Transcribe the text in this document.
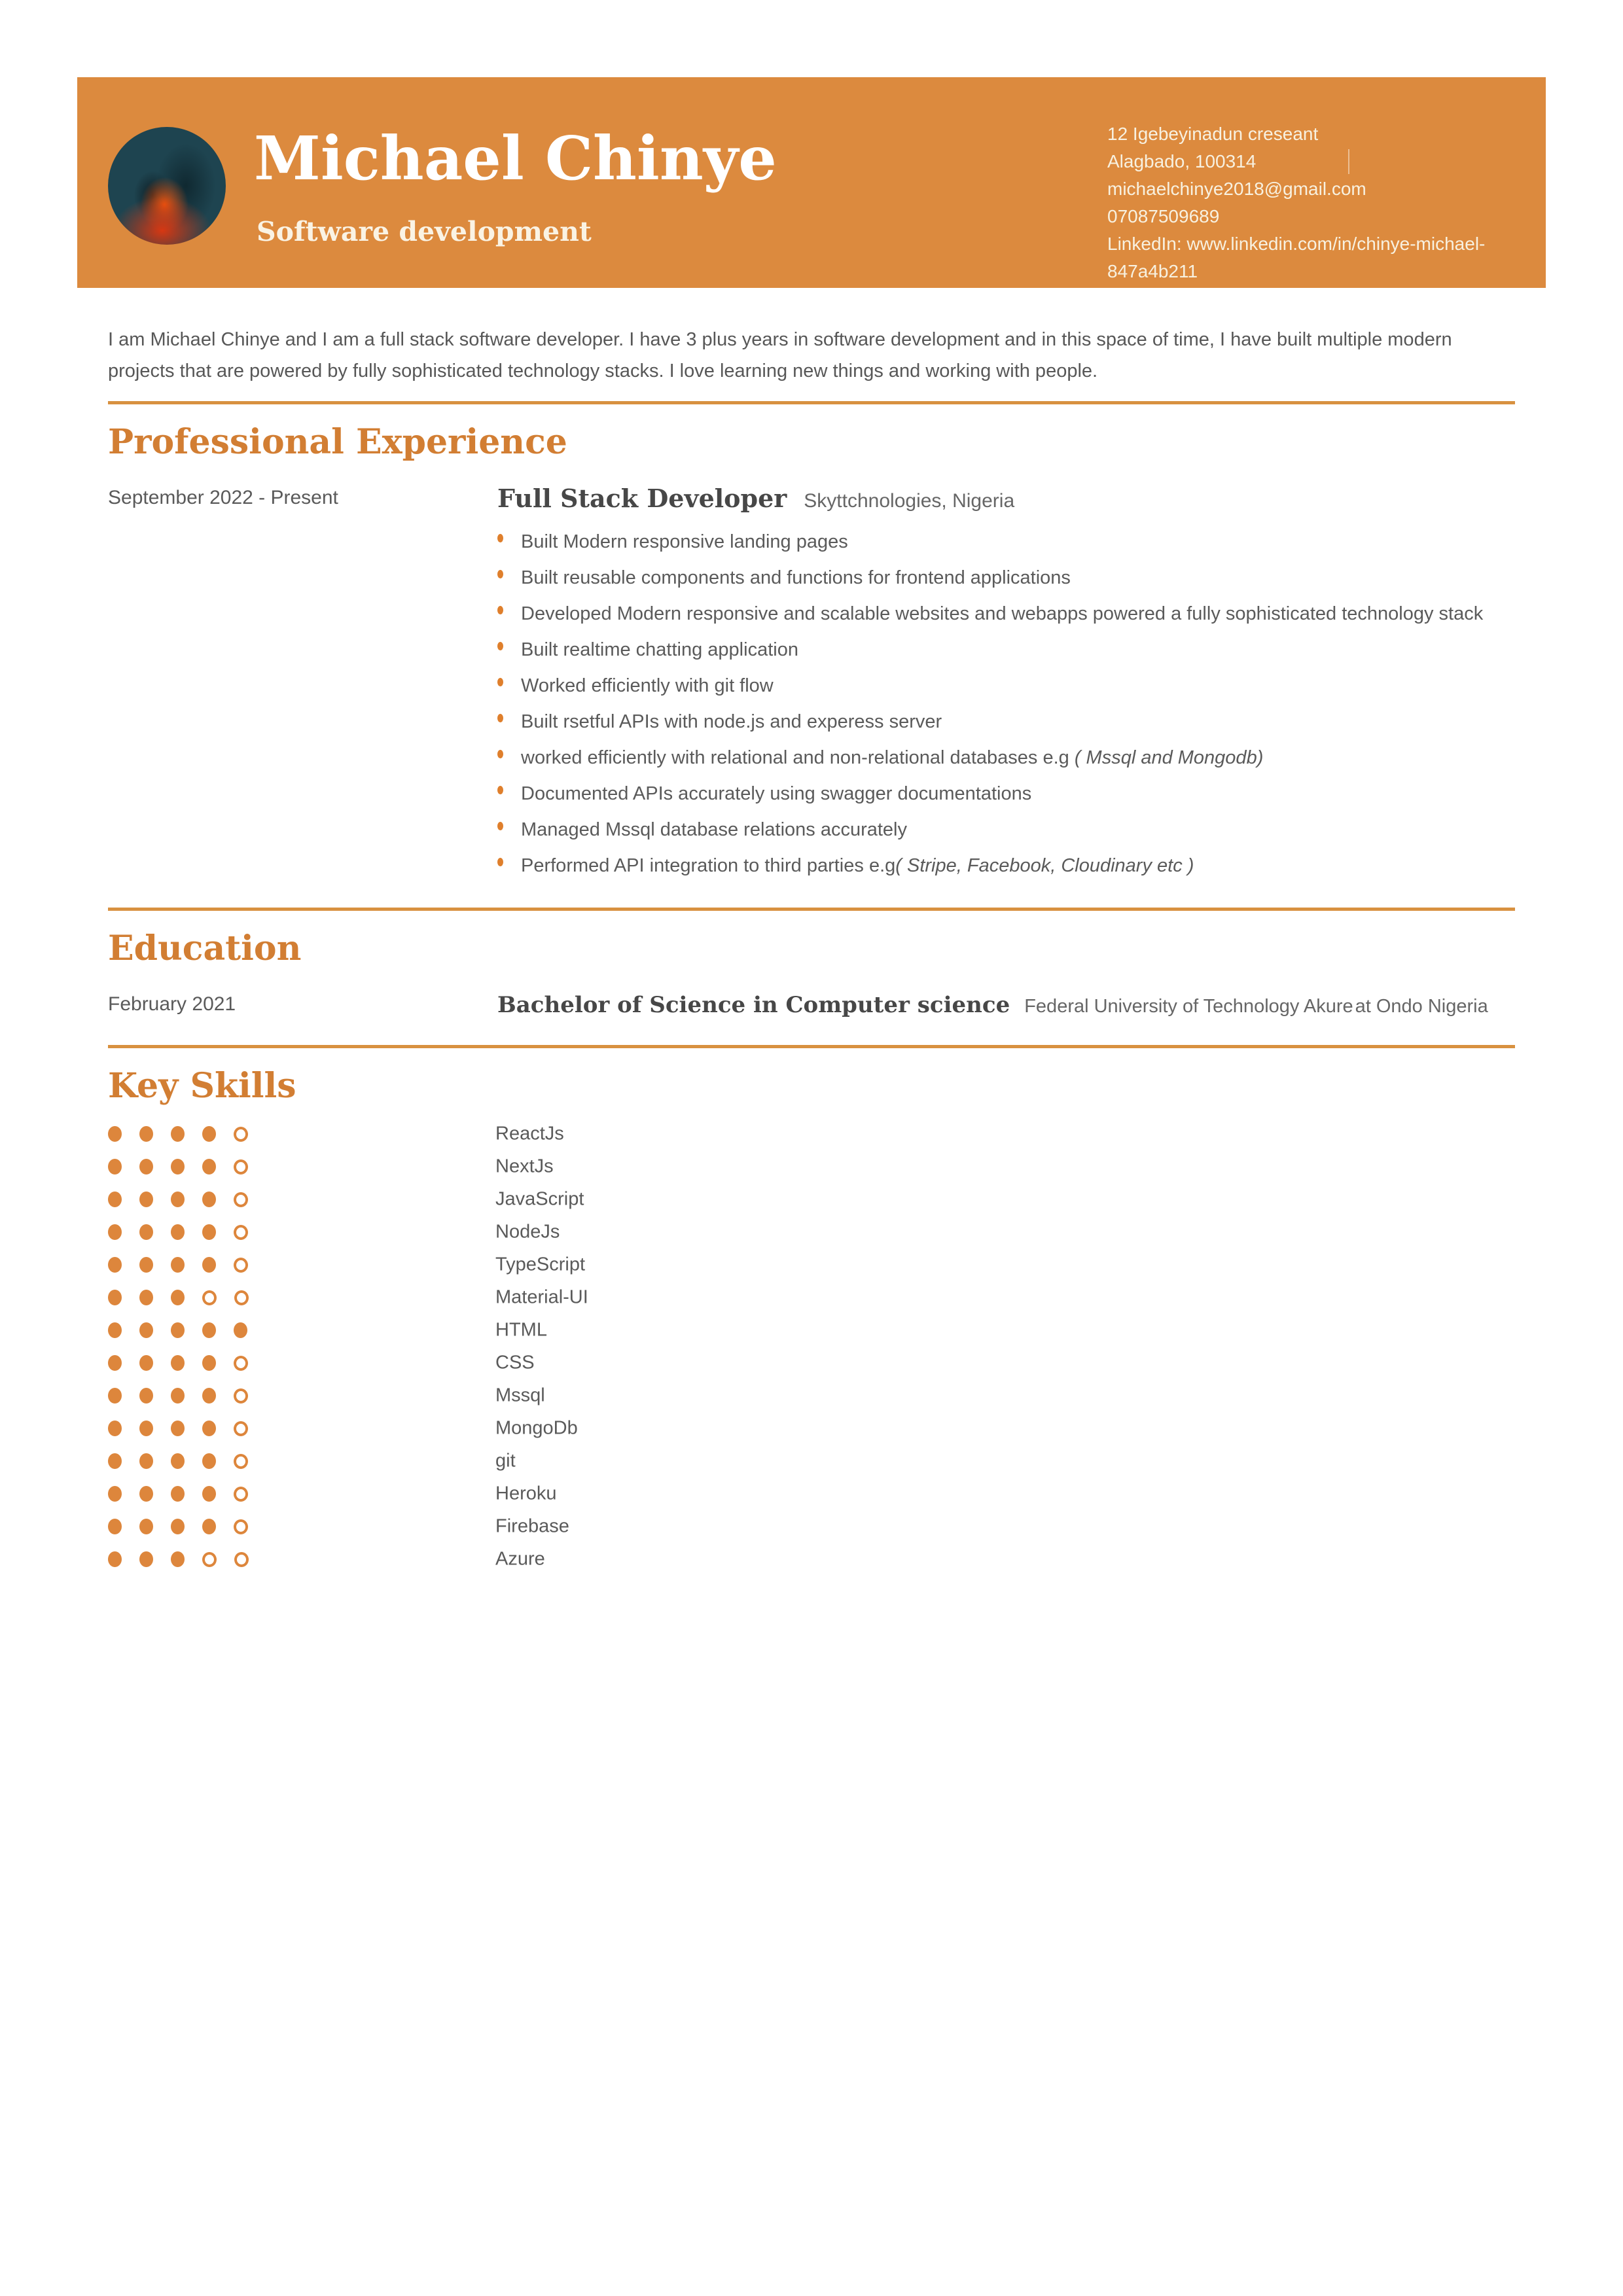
Michael Chinye
Software development
12 Igebeyinadun creseant
Alagbado, 100314
michaelchinye2018@gmail.com
07087509689
LinkedIn: www.linkedin.com/in/chinye-michael-847a4b211

I am Michael Chinye and I am a full stack software developer. I have 3 plus years in software development and in this space of time, I have built multiple modern projects that are powered by fully sophisticated technology stacks. I love learning new things and working with people.

Professional Experience
September 2022 - Present	Full Stack Developer Skyttchnologies, Nigeria
Built Modern responsive landing pages
Built reusable components and functions for frontend applications
Developed Modern responsive and scalable websites and webapps powered a fully sophisticated technology stack
Built realtime chatting application
Worked efficiently with git flow
Built rsetful APIs with node.js and experess server
worked efficiently with relational and non-relational databases e.g ( Mssql and Mongodb)
Documented APIs accurately using swagger documentations
Managed Mssql database relations accurately
Performed API integration to third parties e.g( Stripe, Facebook, Cloudinary etc )
Education
February 2021	Bachelor of Science in Computer science Federal University of Technology Akure at Ondo Nigeria
Key Skills
ReactJs
NextJs
JavaScript
NodeJs
TypeScript
Material-UI
HTML
CSS
Mssql
MongoDb
git
Heroku
Firebase
Azure
